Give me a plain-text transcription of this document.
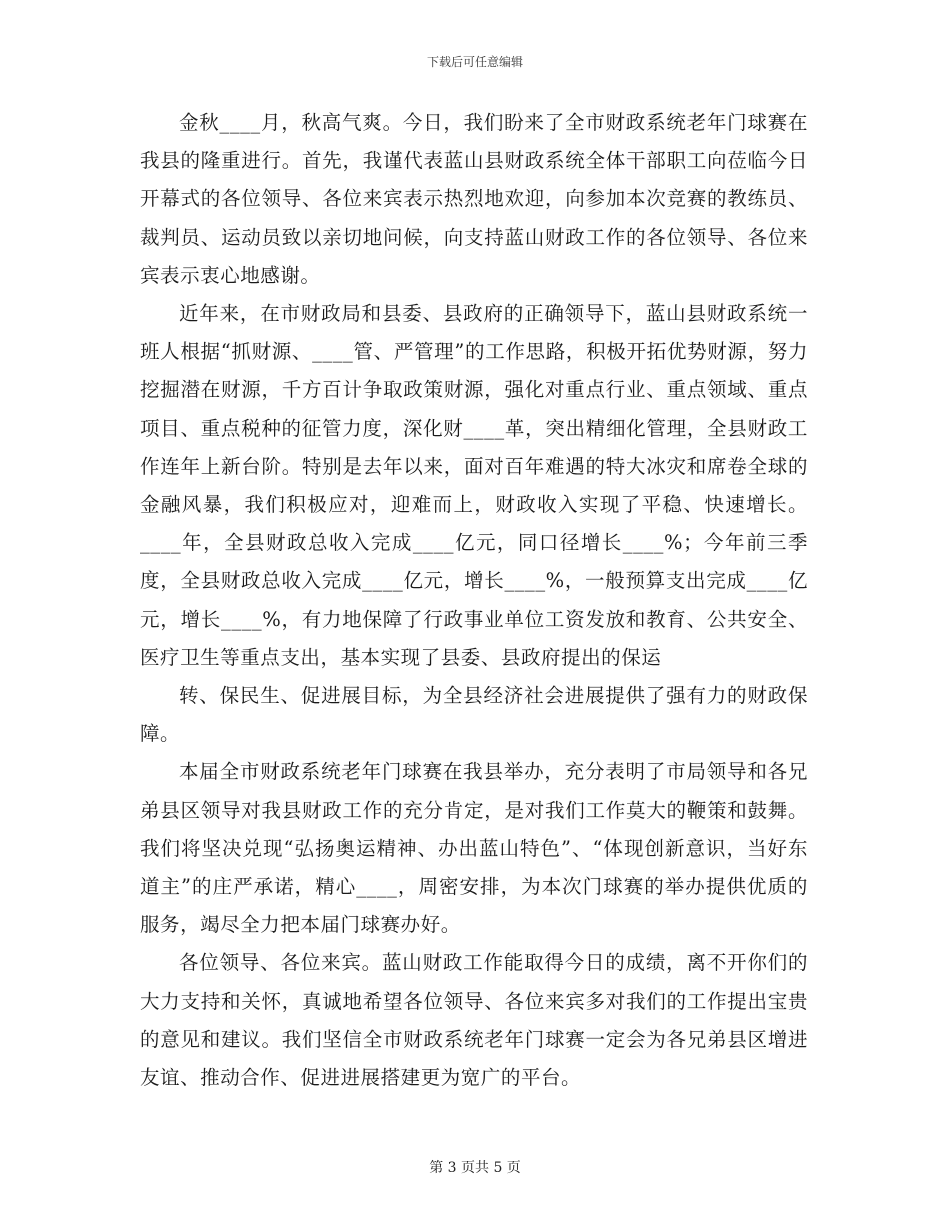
下载后可任意编辑

金秋____月，秋高气爽。今日，我们盼来了全市财政系统老年门球赛在我县的隆重进行。首先，我谨代表蓝山县财政系统全体干部职工向莅临今日开幕式的各位领导、各位来宾表示热烈地欢迎，向参加本次竞赛的教练员、裁判员、运动员致以亲切地问候，向支持蓝山财政工作的各位领导、各位来宾表示衷心地感谢。

近年来，在市财政局和县委、县政府的正确领导下，蓝山县财政系统一班人根据“抓财源、____管、严管理”的工作思路，积极开拓优势财源，努力挖掘潜在财源，千方百计争取政策财源，强化对重点行业、重点领域、重点项目、重点税种的征管力度，深化财____革，突出精细化管理，全县财政工作连年上新台阶。特别是去年以来，面对百年难遇的特大冰灾和席卷全球的金融风暴，我们积极应对，迎难而上，财政收入实现了平稳、快速增长。____年，全县财政总收入完成____亿元，同口径增长____%；今年前三季度，全县财政总收入完成____亿元，增长____%，一般预算支出完成____亿元，增长____%，有力地保障了行政事业单位工资发放和教育、公共安全、医疗卫生等重点支出，基本实现了县委、县政府提出的保运

转、保民生、促进展目标，为全县经济社会进展提供了强有力的财政保障。

本届全市财政系统老年门球赛在我县举办，充分表明了市局领导和各兄弟县区领导对我县财政工作的充分肯定，是对我们工作莫大的鞭策和鼓舞。我们将坚决兑现“弘扬奥运精神、办出蓝山特色”、“体现创新意识，当好东道主”的庄严承诺，精心____，周密安排，为本次门球赛的举办提供优质的服务，竭尽全力把本届门球赛办好。

各位领导、各位来宾。蓝山财政工作能取得今日的成绩，离不开你们的大力支持和关怀，真诚地希望各位领导、各位来宾多对我们的工作提出宝贵的意见和建议。我们坚信全市财政系统老年门球赛一定会为各兄弟县区增进友谊、推动合作、促进进展搭建更为宽广的平台。

第 3 页共 5 页
